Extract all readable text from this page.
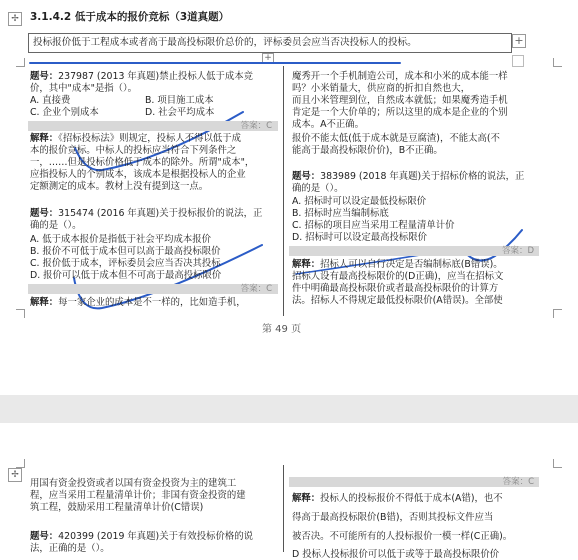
✢	3.1.4.2 低于成本的报价竞标（3道真题）
投标报价低于工程成本或者高于最高投标限价总价的，评标委员会应当否决投标人的投标。	+
+
题号：237987 (2013 年真题)禁止投标人低于成本竞
价，其中"成本"是指（）。
A. 直接费	B. 项目施工成本
C. 企业个别成本	D. 社会平均成本
答案：C
解释：《招标投标法》则规定，投标人不得以低于成
本的报价竞标。中标人的投标应当符合下列条件之
一，……但是投标价格低于成本的除外。所谓"成本"，
应指投标人的个别成本，该成本是根据投标人的企业
定额测定的成本。教材上没有提到这一点。
题号：315474 (2016 年真题)关于投标报价的说法，正
确的是（）。
A. 低于成本报价是指低于社会平均成本报价
B. 报价不可低于成本但可以高于最高投标限价
C. 报价低于成本，评标委员会应当否决其投标
D. 报价可以低于成本但不可高于最高投标限价
答案：C
解释：每一家企业的成本是不一样的，比如造手机，
魔秀开一个手机制造公司，成本和小米的成本能一样
吗？小米销量大，供应商的折扣自然也大，
而且小米管理到位，自然成本就低；如果魔秀造手机
肯定是一个大价单的；所以这里的成本是企业的个别
成本。A不正确。
报价不能太低(低于成本就是豆腐渣)，不能太高(不
能高于最高投标限价价)，B不正确。
题号：383989 (2018 年真题)关于招标价格的说法，正
确的是（）。
A. 招标时可以设定最低投标限价
B. 招标时应当编制标底
C. 招标的项目应当采用工程量清单计价
D. 招标时可以设定最高投标限价
答案：D
解释：招标人可以自行决定是否编制标底(B错误)。
招标人设有最高投标限价的(D正确)，应当在招标文
件中明确最高投标限价或者最高投标限价的计算方
法。招标人不得规定最低投标限价(A错误)。全部使
第 49 页
✢
用国有资金投资或者以国有资金投资为主的建筑工
程，应当采用工程量清单计价；非国有资金投资的建
筑工程，鼓励采用工程量清单计价(C错误)
题号：420399 (2019 年真题)关于有效投标价格的说
法，正确的是（）。
答案：C
解释：投标人的投标报价不得低于成本(A错)，也不
得高于最高投标限价(B错)，否则其投标文件应当
被否决。不可能所有的人投标报价一模一样(C正确)。
D 投标人投标报价可以低于或等于最高投标限价价
